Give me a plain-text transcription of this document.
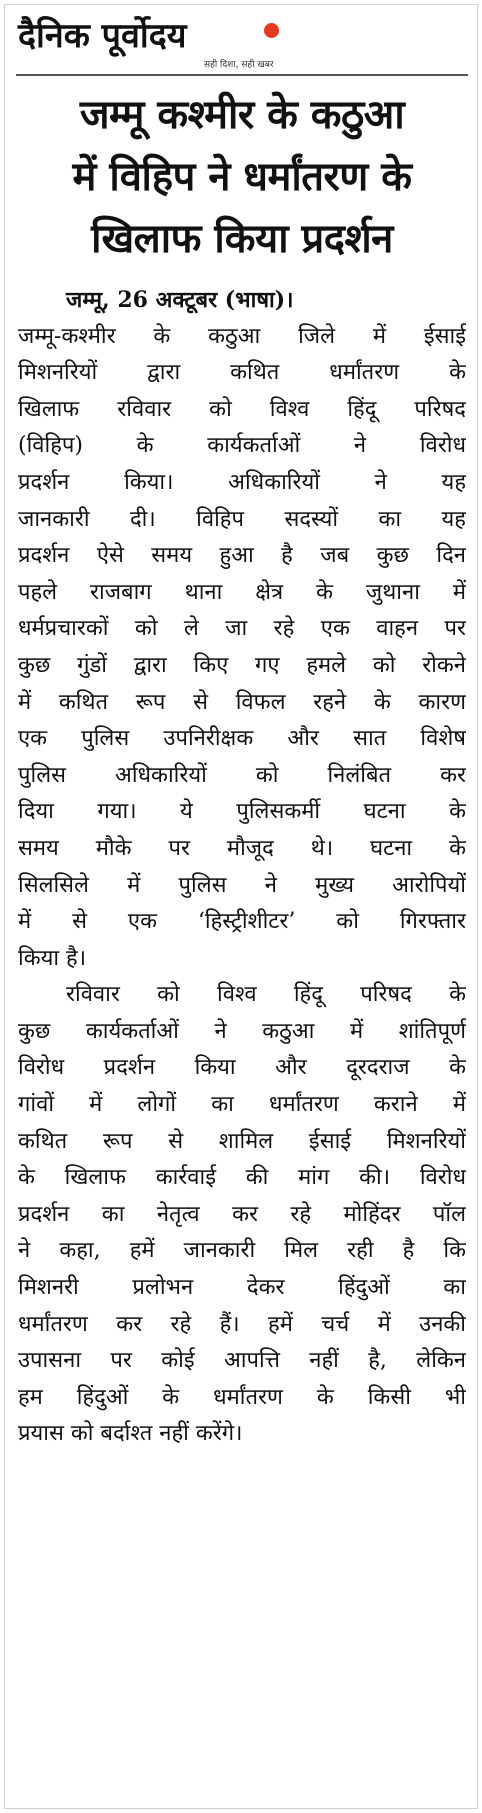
दैनिक पूर्वोदय
सही दिशा, सही खबर
जम्मू कश्मीर के कठुआ
में विहिप ने धर्मांतरण के
खिलाफ किया प्रदर्शन
जम्मू, 26 अक्टूबर (भाषा)।
जम्मू-कश्मीर के कठुआ जिले में ईसाई
मिशनरियों द्वारा कथित धर्मांतरण के
खिलाफ रविवार को विश्व हिंदू परिषद
(विहिप) के कार्यकर्ताओं ने विरोध
प्रदर्शन किया। अधिकारियों ने यह
जानकारी दी। विहिप सदस्यों का यह
प्रदर्शन ऐसे समय हुआ है जब कुछ दिन
पहले राजबाग थाना क्षेत्र के जुथाना में
धर्मप्रचारकों को ले जा रहे एक वाहन पर
कुछ गुंडों द्वारा किए गए हमले को रोकने
में कथित रूप से विफल रहने के कारण
एक पुलिस उपनिरीक्षक और सात विशेष
पुलिस अधिकारियों को निलंबित कर
दिया गया। ये पुलिसकर्मी घटना के
समय मौके पर मौजूद थे। घटना के
सिलसिले में पुलिस ने मुख्य आरोपियों
में से एक ‘हिस्ट्रीशीटर’ को गिरफ्तार
किया है।
रविवार को विश्व हिंदू परिषद के
कुछ कार्यकर्ताओं ने कठुआ में शांतिपूर्ण
विरोध प्रदर्शन किया और दूरदराज के
गांवों में लोगों का धर्मांतरण कराने में
कथित रूप से शामिल ईसाई मिशनरियों
के खिलाफ कार्रवाई की मांग की। विरोध
प्रदर्शन का नेतृत्व कर रहे मोहिंदर पॉल
ने कहा, हमें जानकारी मिल रही है कि
मिशनरी प्रलोभन देकर हिंदुओं का
धर्मांतरण कर रहे हैं। हमें चर्च में उनकी
उपासना पर कोई आपत्ति नहीं है, लेकिन
हम हिंदुओं के धर्मांतरण के किसी भी
प्रयास को बर्दाश्त नहीं करेंगे।
